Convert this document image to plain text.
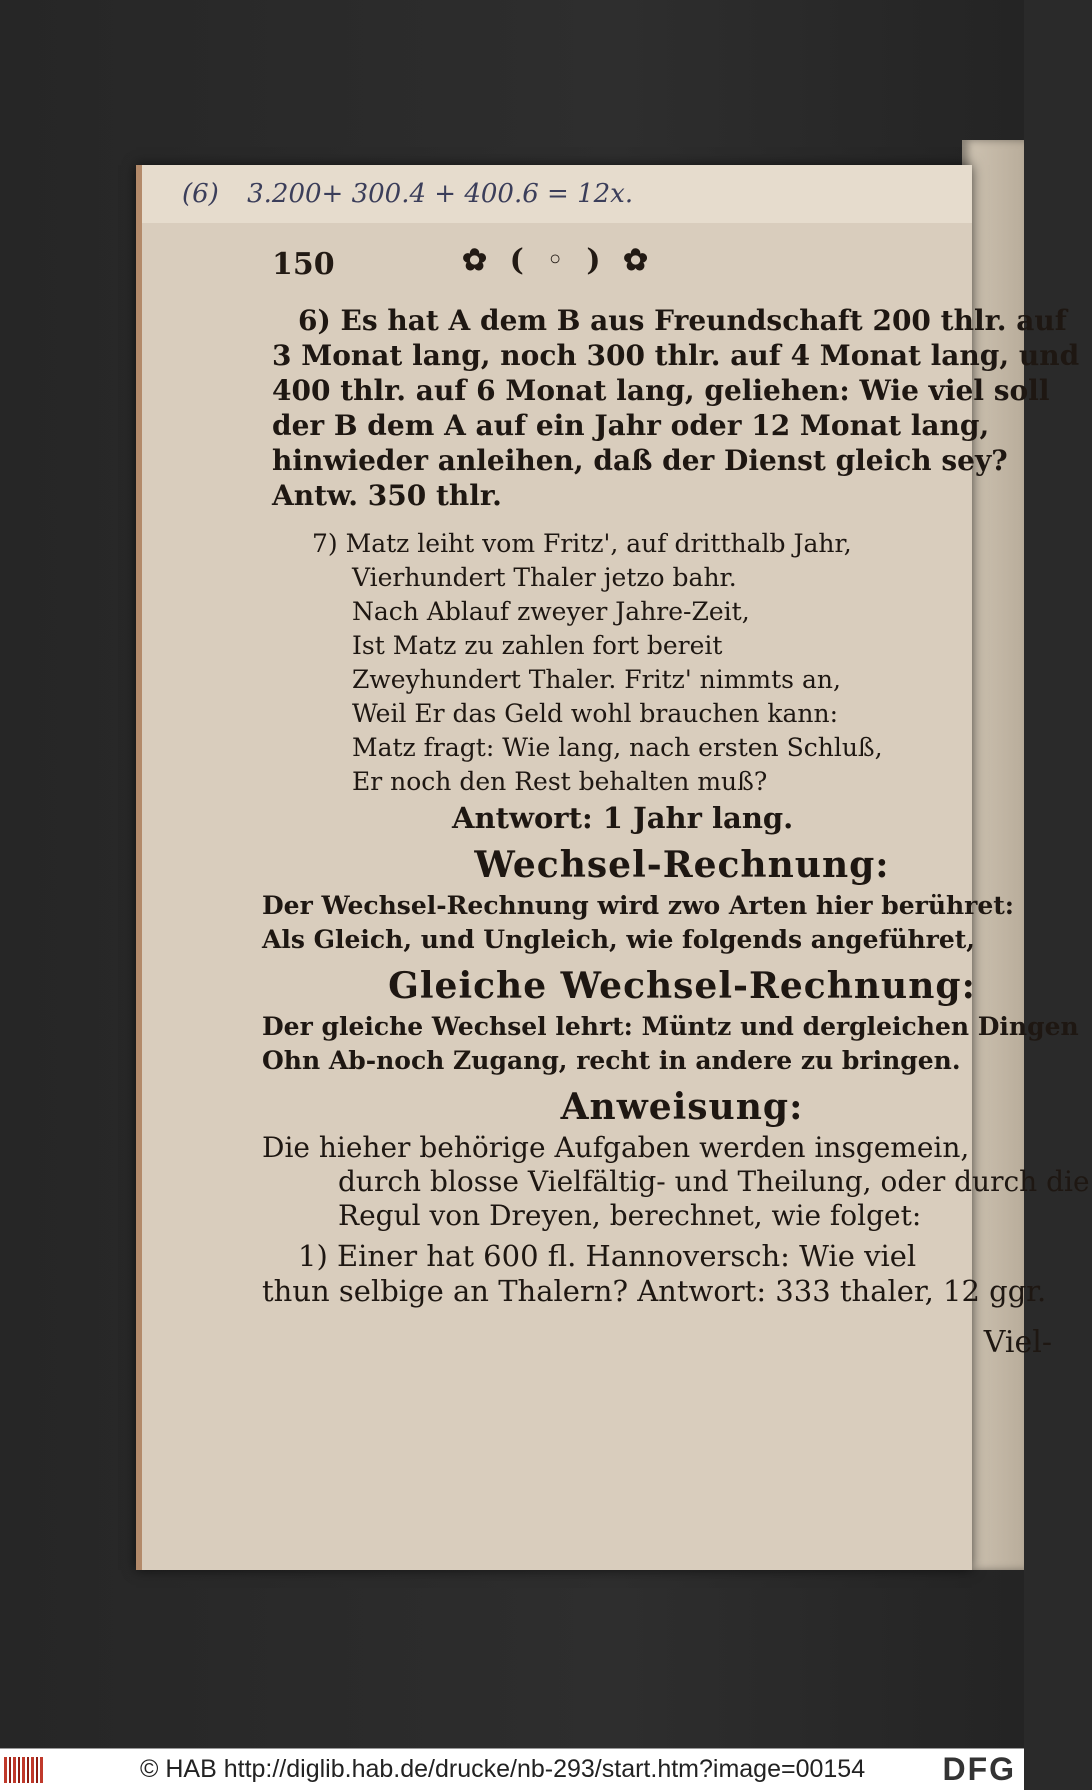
(6) 3.200+ 300.4 + 400.6 = 12x.
150	✿ ( ◦ ) ✿

6) Es hat A dem B aus Freundschaft 200 thlr. auf 3 Monat lang, noch 300 thlr. auf 4 Monat lang, und 400 thlr. auf 6 Monat lang, geliehen: Wie viel soll der B dem A auf ein Jahr oder 12 Monat lang, hinwieder anleihen, daß der Dienst gleich sey? Antw. 350 thlr.

7) Matz leiht vom Fritz', auf dritthalb Jahr,
Vierhundert Thaler jetzo bahr.
Nach Ablauf zweyer Jahre-Zeit,
Ist Matz zu zahlen fort bereit
Zweyhundert Thaler. Fritz' nimmts an,
Weil Er das Geld wohl brauchen kann:
Matz fragt: Wie lang, nach ersten Schluß,
Er noch den Rest behalten muß?

Antwort: 1 Jahr lang.

Wechsel-Rechnung:
Der Wechsel-Rechnung wird zwo Arten hier berühret:
Als Gleich, und Ungleich, wie folgends angeführet,
Gleiche Wechsel-Rechnung:
Der gleiche Wechsel lehrt: Müntz und dergleichen Dingen
Ohn Ab-noch Zugang, recht in andere zu bringen.
Anweisung:

Die hieher behörige Aufgaben werden insgemein,
durch blosse Vielfältig- und Theilung, oder durch die Regul von Dreyen, berechnet, wie folget:

1) Einer hat 600 fl. Hannoversch: Wie viel
thun selbige an Thalern? Antwort: 333 thaler, 12 ggr.

Viel-
© HAB http://diglib.hab.de/drucke/nb-293/start.htm?image=00154 DFG
